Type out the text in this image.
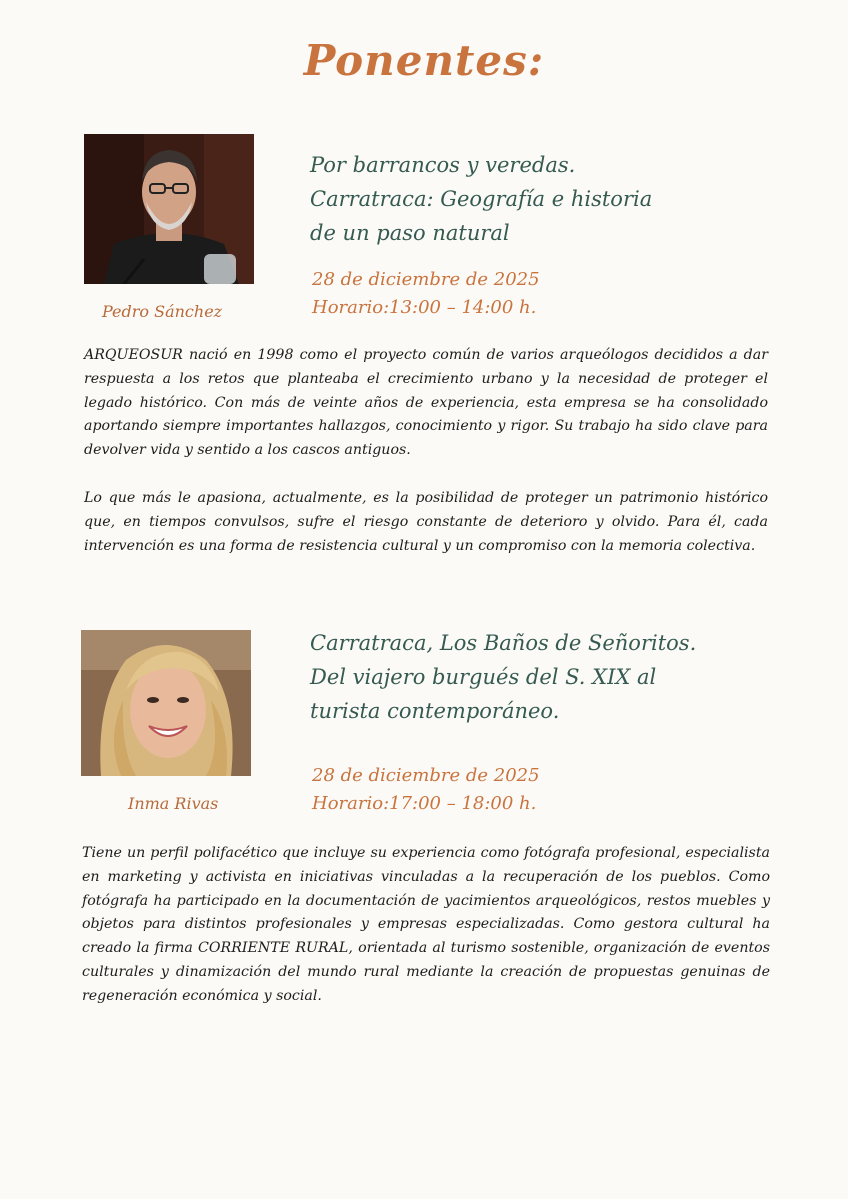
Ponentes:
Pedro Sánchez
Por barrancos y veredas.
Carratraca: Geografía e historia
de un paso natural
28 de diciembre de 2025
Horario:13:00 – 14:00 h.

ARQUEOSUR nació en 1998 como el proyecto común de varios arqueólogos decididos a dar respuesta a los retos que planteaba el crecimiento urbano y la necesidad de proteger el legado histórico. Con más de veinte años de experiencia, esta empresa se ha consolidado aportando siempre importantes hallazgos, conocimiento y rigor. Su trabajo ha sido clave para devolver vida y sentido a los cascos antiguos.

Lo que más le apasiona, actualmente, es la posibilidad de proteger un patrimonio histórico que, en tiempos convulsos, sufre el riesgo constante de deterioro y olvido. Para él, cada intervención es una forma de resistencia cultural y un compromiso con la memoria colectiva.

Inma Rivas
Carratraca, Los Baños de Señoritos.
Del viajero burgués del S. XIX al
turista contemporáneo.
28 de diciembre de 2025
Horario:17:00 – 18:00 h.

Tiene un perfil polifacético que incluye su experiencia como fotógrafa profesional, especialista en marketing y activista en iniciativas vinculadas a la recuperación de los pueblos. Como fotógrafa ha participado en la documentación de yacimientos arqueológicos, restos muebles y objetos para distintos profesionales y empresas especializadas. Como gestora cultural ha creado la firma CORRIENTE RURAL, orientada al turismo sostenible, organización de eventos culturales y dinamización del mundo rural mediante la creación de propuestas genuinas de regeneración económica y social.
